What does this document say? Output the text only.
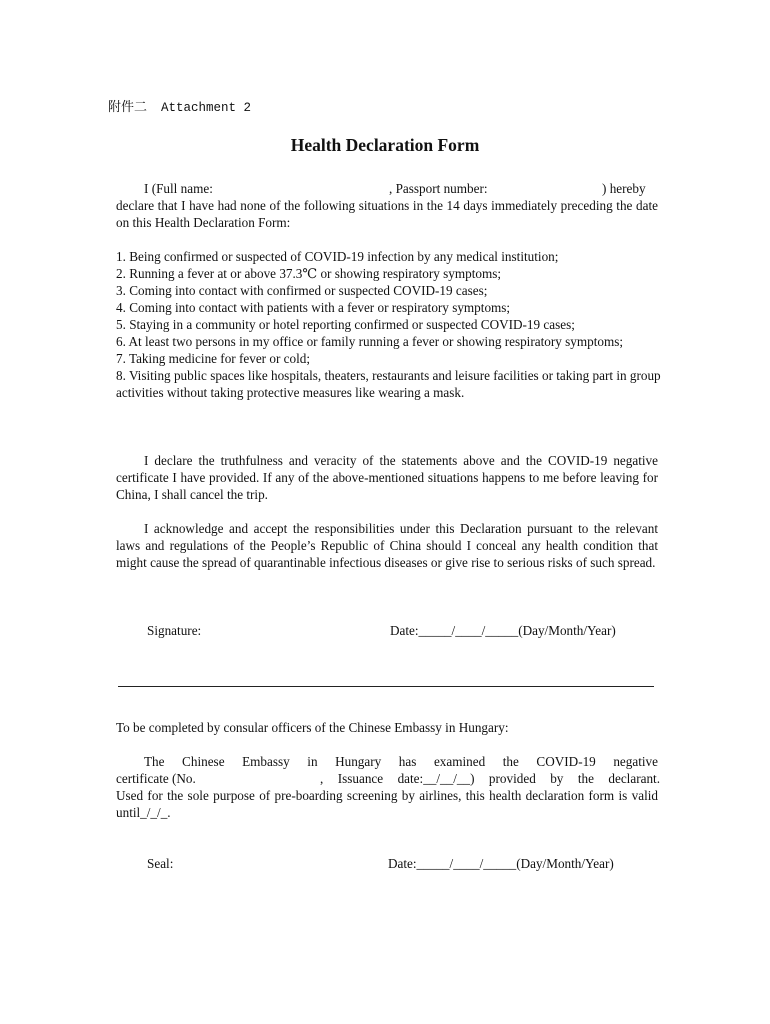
附件二 Attachment 2
Health Declaration Form
I (Full name:	, Passport number:	) hereby
declare that I have had none of the following situations in the 14 days immediately preceding the date on this Health Declaration Form:
1. Being confirmed or suspected of COVID-19 infection by any medical institution;
2. Running a fever at or above 37.3℃ or showing respiratory symptoms;
3. Coming into contact with confirmed or suspected COVID-19 cases;
4. Coming into contact with patients with a fever or respiratory symptoms;
5. Staying in a community or hotel reporting confirmed or suspected COVID-19 cases;
6. At least two persons in my office or family running a fever or showing respiratory symptoms;
7. Taking medicine for fever or cold;
8. Visiting public spaces like hospitals, theaters, restaurants and leisure facilities or taking part in group activities without taking protective measures like wearing a mask.
I declare the truthfulness and veracity of the statements above and the COVID-19 negative certificate I have provided. If any of the above-mentioned situations happens to me before leaving for China, I shall cancel the trip.
I acknowledge and accept the responsibilities under this Declaration pursuant to the relevant laws and regulations of the People’s Republic of China should I conceal any health condition that might cause the spread of quarantinable infectious diseases or give rise to serious risks of such spread.
Signature:	Date:_____/____/_____(Day/Month/Year)
To be completed by consular officers of the Chinese Embassy in Hungary:
The Chinese Embassy in Hungary has examined the COVID-19 negative
certificate (No.	, Issuance date:__/__/__) provided by the declarant.
Used for the sole purpose of pre-boarding screening by airlines, this health declaration form is valid until_/_/_.
Seal:	Date:_____/____/_____(Day/Month/Year)
